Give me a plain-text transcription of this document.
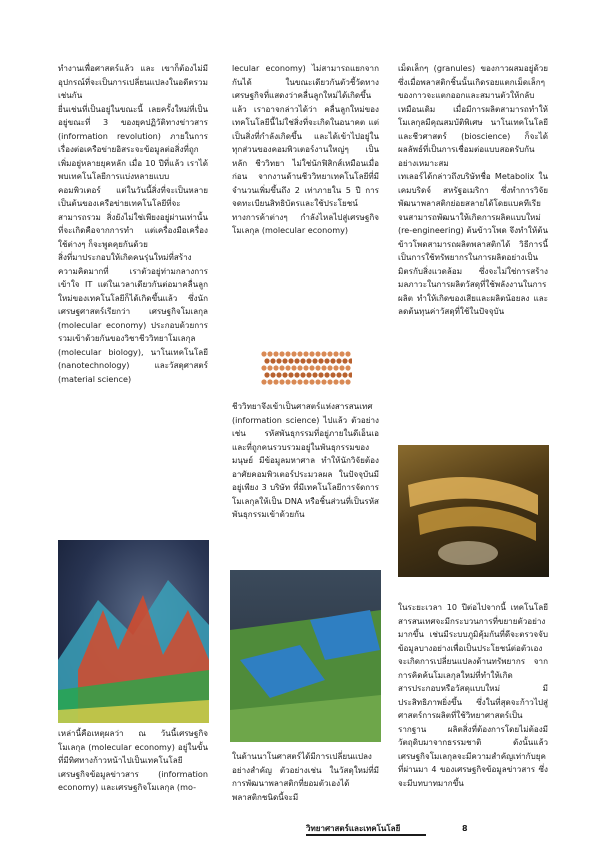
ทำงานเพื่อศาสตร์แล้ว และ เขาก็ต้องไม่มีอุปกรณ์ที่จะเป็นการเปลี่ยนแปลงในอดีตรวม เช่นกัน
ยี่นเช่นที่เป็นอยู่ในขณะนี้ เลยครั้งใหม่ที่เป็นอยู่ขณะที่ 3 ของยุคปฏิวัติทางข่าวสาร (information revolution) ภายในการเรื่องต่อเครือข่ายอิสระจะข้อมูลต่อสิ่งที่ถูกเพิ่มอยู่หลายยุคหลัก เมื่อ 10 ปีที่แล้ว เราได้พบเทคโนโลยีการแบ่งหลายแบบคอมพิวเตอร์ แต่ในวันนี้สิ่งที่จะเป็นหลายเป็นต้นของเครือข่ายเทคโนโลยีที่จะสามารถรวม สิ่งยังไม่ใช่เพียงอยู่ผ่านเท่านั้นที่จะเกิดคือจากการทำ แต่เครื่องมือเครื่องใช้ต่างๆ ก็จะพูดคุยกันด้วย
สิ่งที่มาประกอบให้เกิดคนรุ่นใหม่ที่สร้างความคิดมากที่ เราตัวอยู่ท่ามกลางการเข้าใจ IT แต่ในเวลาเดียวกันต่อมาคลื่นลูกใหม่ของเทคโนโลยีก็ได้เกิดขึ้นแล้ว ซึ่งนักเศรษฐศาสตร์เรียกว่า เศรษฐกิจโมเลกุล (molecular economy) ประกอบด้วยการรวมเข้าด้วยกันของวิชาชีววิทยาโมเลกุล (molecular biology), นาโนเทคโนโลยี (nanotechnology) และวัสดุศาสตร์ (material science)
lecular economy) ไม่สามารถแยกจากกันได้ ในขณะเดียวกันตัวชี้วัดทางเศรษฐกิจที่แสดงว่าคลื่นลูกใหม่ได้เกิดขึ้นแล้ว เราอาจกล่าวได้ว่า คลื่นลูกใหม่ของเทคโนโลยีนี้ไม่ใช่สิ่งที่จะเกิดในอนาคต แต่เป็นสิ่งที่กำลังเกิดขึ้น และได้เข้าไปอยู่ในทุกส่วนของคอมพิวเตอร์งานใหญ่ๆ เป็นหลัก ชีววิทยา ไม่ใช่นักฟิสิกส์เหมือนเมื่อก่อน จากงานด้านชีววิทยาเทคโนโลยีที่มีจำนวนเพิ่มขึ้นถึง 2 เท่าภายใน 5 ปี การจดทะเบียนสิทธิบัตรและใช้ประโยชน์ทางการค้าต่างๆ กำลังไหลไปสู่เศรษฐกิจโมเลกุล (molecular economy)
เม็ดเล็กๆ (granules) ของกาวผสมอยู่ด้วย ซึ่งเมื่อพลาสติกชิ้นนั้นเกิดรอยแตกเม็ดเล็กๆ ของกาวจะแตกออกและสมานตัวให้กลับเหมือนเดิม เมื่อมีการผลิตสามารถทำให้โมเลกุลมีคุณสมบัติพิเศษ นาโนเทคโนโลยีและชีวศาสตร์ (bioscience) ก็จะได้ผลลัพธ์ที่เป็นการเชื่อมต่อแบบสอดรับกันอย่างเหมาะสม
เทเลอร์ได้กล่าวถึงบริษัทชื่อ Metabolix ในเคมบริดจ์ สหรัฐอเมริกา ซึ่งทำการวิจัยพัฒนาพลาสติกย่อยสลายได้โดยแบคทีเรีย จนสามารถพัฒนาให้เกิดการผลิตแบบใหม่ (re-engineering) ต้นข้าวโพด จึงทำให้ต้นข้าวโพดสามารถผลิตพลาสติกได้ วิธีการนี้เป็นการใช้ทรัพยากรในการผลิตอย่างเป็นมิตรกับสิ่งแวดล้อม ซึ่งจะไม่ใช่การสร้างมลภาวะในการผลิตวัสดุที่ใช้พลังงานในการผลิต ทำให้เกิดของเสียและผลิตน้อยลง และลดต้นทุนค่าวัสดุที่ใช้ในปัจจุบัน
ชีววิทยาจึงเข้าเป็นศาสตร์แห่งสารสนเทศ (information science) ไปแล้ว ตัวอย่างเช่น รหัสพันธุกรรมที่อยู่ภายในดีเอ็นเอ และที่ถูกคนรวบรวมอยู่ในพันธุกรรมของมนุษย์ มีข้อมูลมหาศาล ทำให้นักวิจัยต้องอาศัยคอมพิวเตอร์ประมวลผล ในปัจจุบันมีอยู่เพียง 3 บริษัท ที่มีเทคโนโลยีการจัดการโมเลกุลให้เป็น DNA หรือชิ้นส่วนที่เป็นรหัสพันธุกรรมเข้าด้วยกัน
ในระยะเวลา 10 ปีต่อไปจากนี้ เทคโนโลยีสารสนเทศจะมีกระบวนการที่ขยายตัวอย่างมากขึ้น เช่นมีระบบภูมิคุ้มกันที่ดีจะตรวจจับข้อมูลบางอย่างเพื่อเป็นประโยชน์ต่อตัวเอง จะเกิดการเปลี่ยนแปลงด้านทรัพยากร จากการคิดค้นโมเลกุลใหม่ที่ทำให้เกิดสารประกอบหรือวัสดุแบบใหม่ มีประสิทธิภาพยิ่งขึ้น ซึ่งในที่สุดจะก้าวไปสู่ศาสตร์การผลิตที่ใช้วิทยาศาสตร์เป็นรากฐาน ผลิตสิ่งที่ต้องการโดยไม่ต้องมีวัตถุดิบมาจากธรรมชาติ ดังนั้นแล้วเศรษฐกิจโมเลกุลจะมีความสำคัญเท่ากับยุคที่ผ่านมา 4 ของเศรษฐกิจข้อมูลข่าวสาร ซึ่งจะมีบทบาทมากขึ้น
เหล่านี้คือเหตุผลว่า ณ วันนี้เศรษฐกิจโมเลกุล (molecular economy) อยู่ในขั้นที่มีทิศทางก้าวหน้าไปเป็นเทคโนโลยี เศรษฐกิจข้อมูลข่าวสาร (information economy) และเศรษฐกิจโมเลกุล (mo-
ในด้านนาโนศาสตร์ได้มีการเปลี่ยนแปลงอย่างสำคัญ ตัวอย่างเช่น ในวัสดุใหม่ที่มีการพัฒนาพลาสติกที่ยอมตัวเองได้ พลาสติกชนิดนี้จะมี
วิทยาศาสตร์และเทคโนโลยี	8
